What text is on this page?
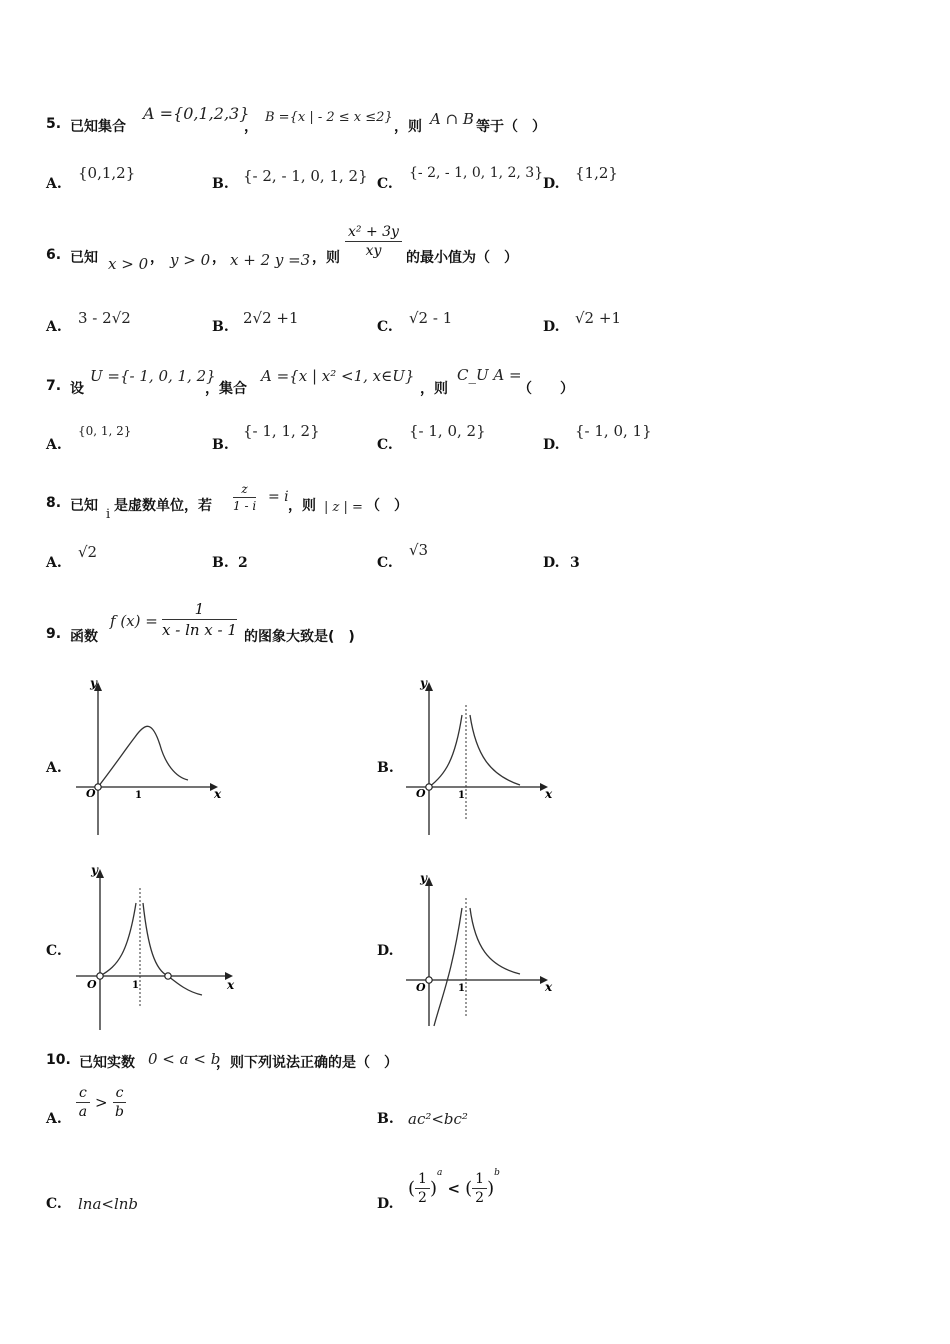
5. 已知集合
A ={0,1,2,3}
，
B ={x | - 2 ≤ x ≤2}
，则 A ∩ B 等于（　）
A.
{0,1,2}
B. {- 2, - 1, 0, 1, 2} C.
{- 2, - 1, 0, 1, 2, 3}
D.
{1,2}
6. 已知 x > 0 ， y > 0 ， x + 2 y =3 ，则 $\frac{\text{x² + 3y}}{xy}$ 的最小值为（　）
A. 3 - 2√2	B. 2√2 +1	C. √2 - 1	D. √2 +1
7. 设
U ={- 1, 0, 1, 2}
，集合
A ={x | x² <1, x∈U}
，则
C_U A =
（　　）
A.
{0, 1, 2}
B.
{- 1, 1, 2}
C.
{- 1, 0, 2}
D.
{- 1, 0, 1}
8. 已知
i
是虚数单位，若 $\frac{z}{1 - i} = i$
，则 | z | = （　）
A.
√2
B. 2	C.
√3
D. 3
9. 函数
f $(x) = \frac{1}{\text{x - ln x - 1}}$ 的图象大致是(　)
A.
O	1	x
y
B.
O	1	x
y
C.
O	1	x
y
D.
O	1	x
y
10. 已知实数 0 < a < b
，则下列说法正确的是（　）
A. $\frac{c}{a} > \frac{c}{b}$	B. ac²<bc²
C. lna<lnb	D.
( $\frac{1}{2} )^a$ < ( $\frac{1}{2} )^b$
